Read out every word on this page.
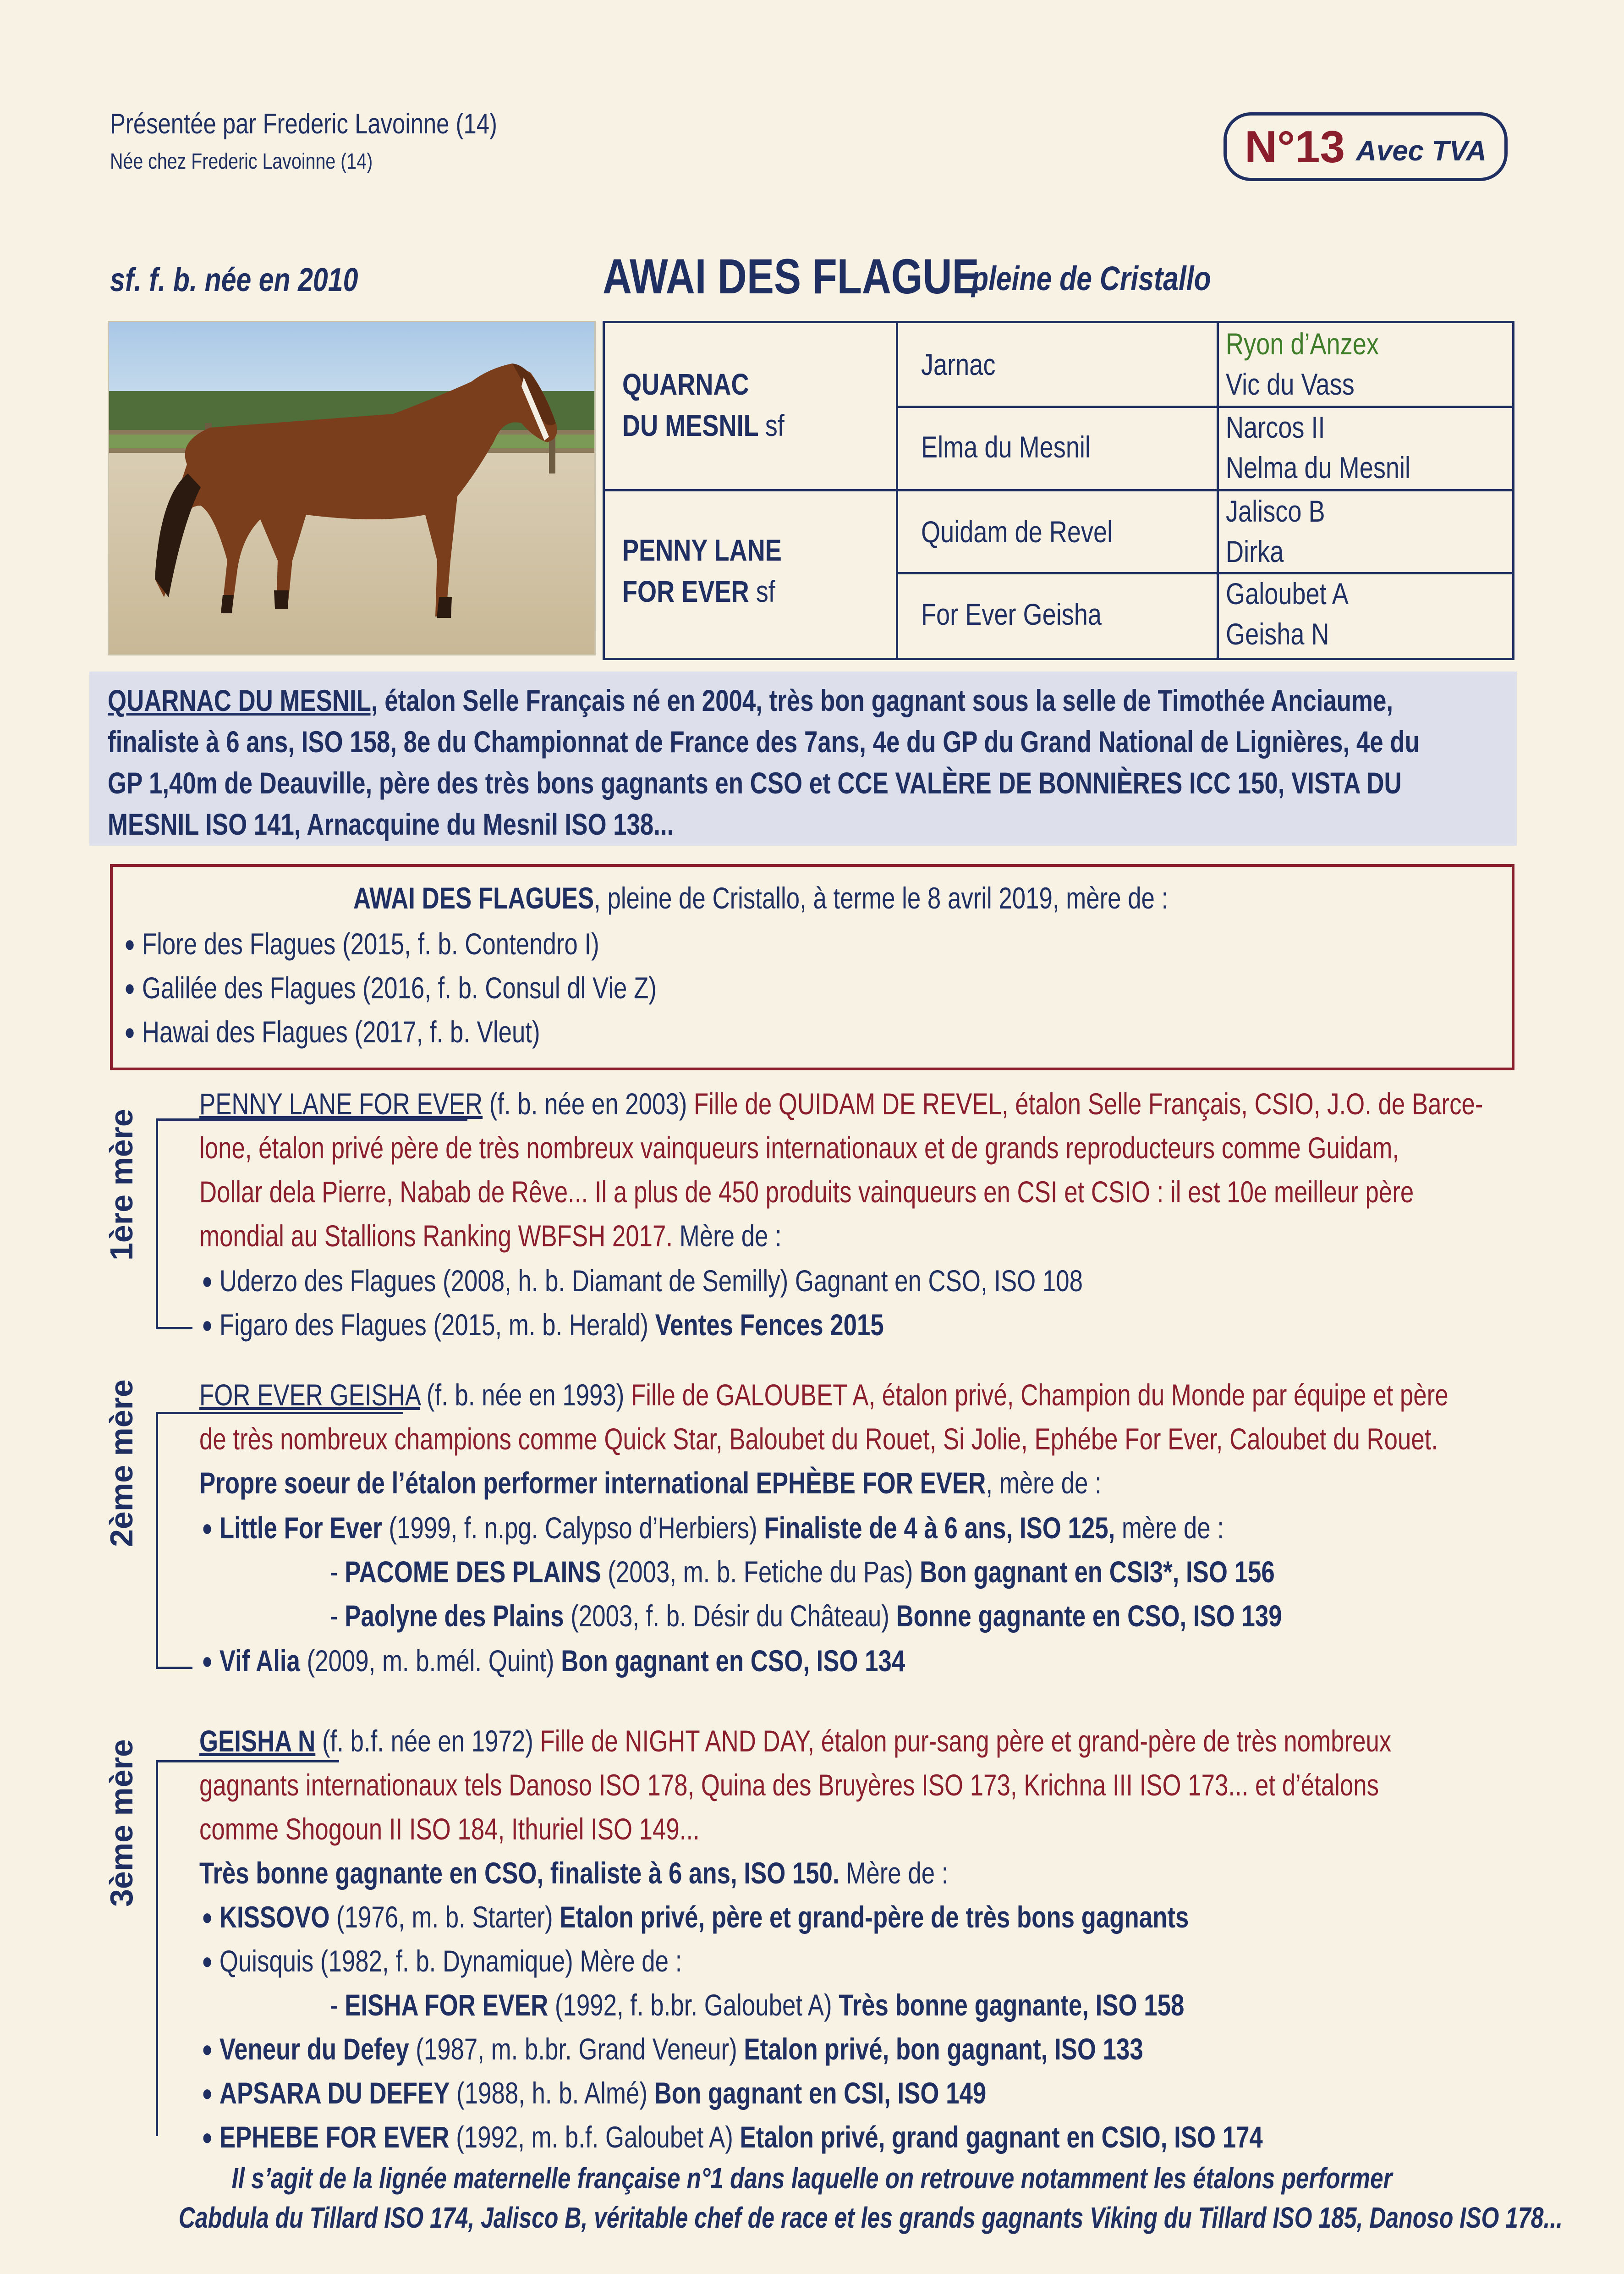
Présentée par Frederic Lavoinne (14)
Née chez Frederic Lavoinne (14)	N°13 Avec TVA
sf. f. b. née en 2010	AWAI DES FLAGUE
pleine de Cristallo
QUARNAC
DU MESNIL sf
PENNY LANE
FOR EVER sf
Jarnac
Elma du Mesnil
Quidam de Revel
For Ever Geisha
Ryon d’Anzex
Vic du Vass
Narcos II
Nelma du Mesnil
Jalisco B
Dirka
Galoubet A
Geisha N
QUARNAC DU MESNIL, étalon Selle Français né en 2004, très bon gagnant sous la selle de Timothée Anciaume,
finaliste à 6 ans, ISO 158, 8e du Championnat de France des 7ans, 4e du GP du Grand National de Lignières, 4e du
GP 1,40m de Deauville, père des très bons gagnants en CSO et CCE VALÈRE DE BONNIÈRES ICC 150, VISTA DU
MESNIL ISO 141, Arnacquine du Mesnil ISO 138...
AWAI DES FLAGUES, pleine de Cristallo, à terme le 8 avril 2019, mère de :
● Flore des Flagues (2015, f. b. Contendro I)
● Galilée des Flagues (2016, f. b. Consul dl Vie Z)
● Hawai des Flagues (2017, f. b. Vleut)
1ère mère
PENNY LANE FOR EVER (f. b. née en 2003) Fille de QUIDAM DE REVEL, étalon Selle Français, CSIO, J.O. de Barce-
lone, étalon privé père de très nombreux vainqueurs internationaux et de grands reproducteurs comme Guidam,
Dollar dela Pierre, Nabab de Rêve... Il a plus de 450 produits vainqueurs en CSI et CSIO : il est 10e meilleur père
mondial au Stallions Ranking WBFSH 2017. Mère de :
● Uderzo des Flagues (2008, h. b. Diamant de Semilly) Gagnant en CSO, ISO 108
● Figaro des Flagues (2015, m. b. Herald) Ventes Fences 2015
2ème mère FOR EVER GEISHA (f. b. née en 1993) Fille de GALOUBET A, étalon privé, Champion du Monde par équipe et père
de très nombreux champions comme Quick Star, Baloubet du Rouet, Si Jolie, Ephébe For Ever, Caloubet du Rouet.
Propre soeur de l’étalon performer international EPHÈBE FOR EVER, mère de :
● Little For Ever (1999, f. n.pg. Calypso d’Herbiers) Finaliste de 4 à 6 ans, ISO 125, mère de :
- PACOME DES PLAINS (2003, m. b. Fetiche du Pas) Bon gagnant en CSI3*, ISO 156
- Paolyne des Plains (2003, f. b. Désir du Château) Bonne gagnante en CSO, ISO 139
● Vif Alia (2009, m. b.mél. Quint) Bon gagnant en CSO, ISO 134
3ème mère GEISHA N (f. b.f. née en 1972) Fille de NIGHT AND DAY, étalon pur-sang père et grand-père de très nombreux
gagnants internationaux tels Danoso ISO 178, Quina des Bruyères ISO 173, Krichna III ISO 173... et d’étalons
comme Shogoun II ISO 184, Ithuriel ISO 149...
Très bonne gagnante en CSO, finaliste à 6 ans, ISO 150. Mère de :
● KISSOVO (1976, m. b. Starter) Etalon privé, père et grand-père de très bons gagnants
● Quisquis (1982, f. b. Dynamique) Mère de :
- EISHA FOR EVER (1992, f. b.br. Galoubet A) Très bonne gagnante, ISO 158
● Veneur du Defey (1987, m. b.br. Grand Veneur) Etalon privé, bon gagnant, ISO 133
● APSARA DU DEFEY (1988, h. b. Almé) Bon gagnant en CSI, ISO 149
● EPHEBE FOR EVER (1992, m. b.f. Galoubet A) Etalon privé, grand gagnant en CSIO, ISO 174
Il s’agit de la lignée maternelle française n°1 dans laquelle on retrouve notamment les étalons performer
Cabdula du Tillard ISO 174, Jalisco B, véritable chef de race et les grands gagnants Viking du Tillard ISO 185, Danoso ISO 178...
